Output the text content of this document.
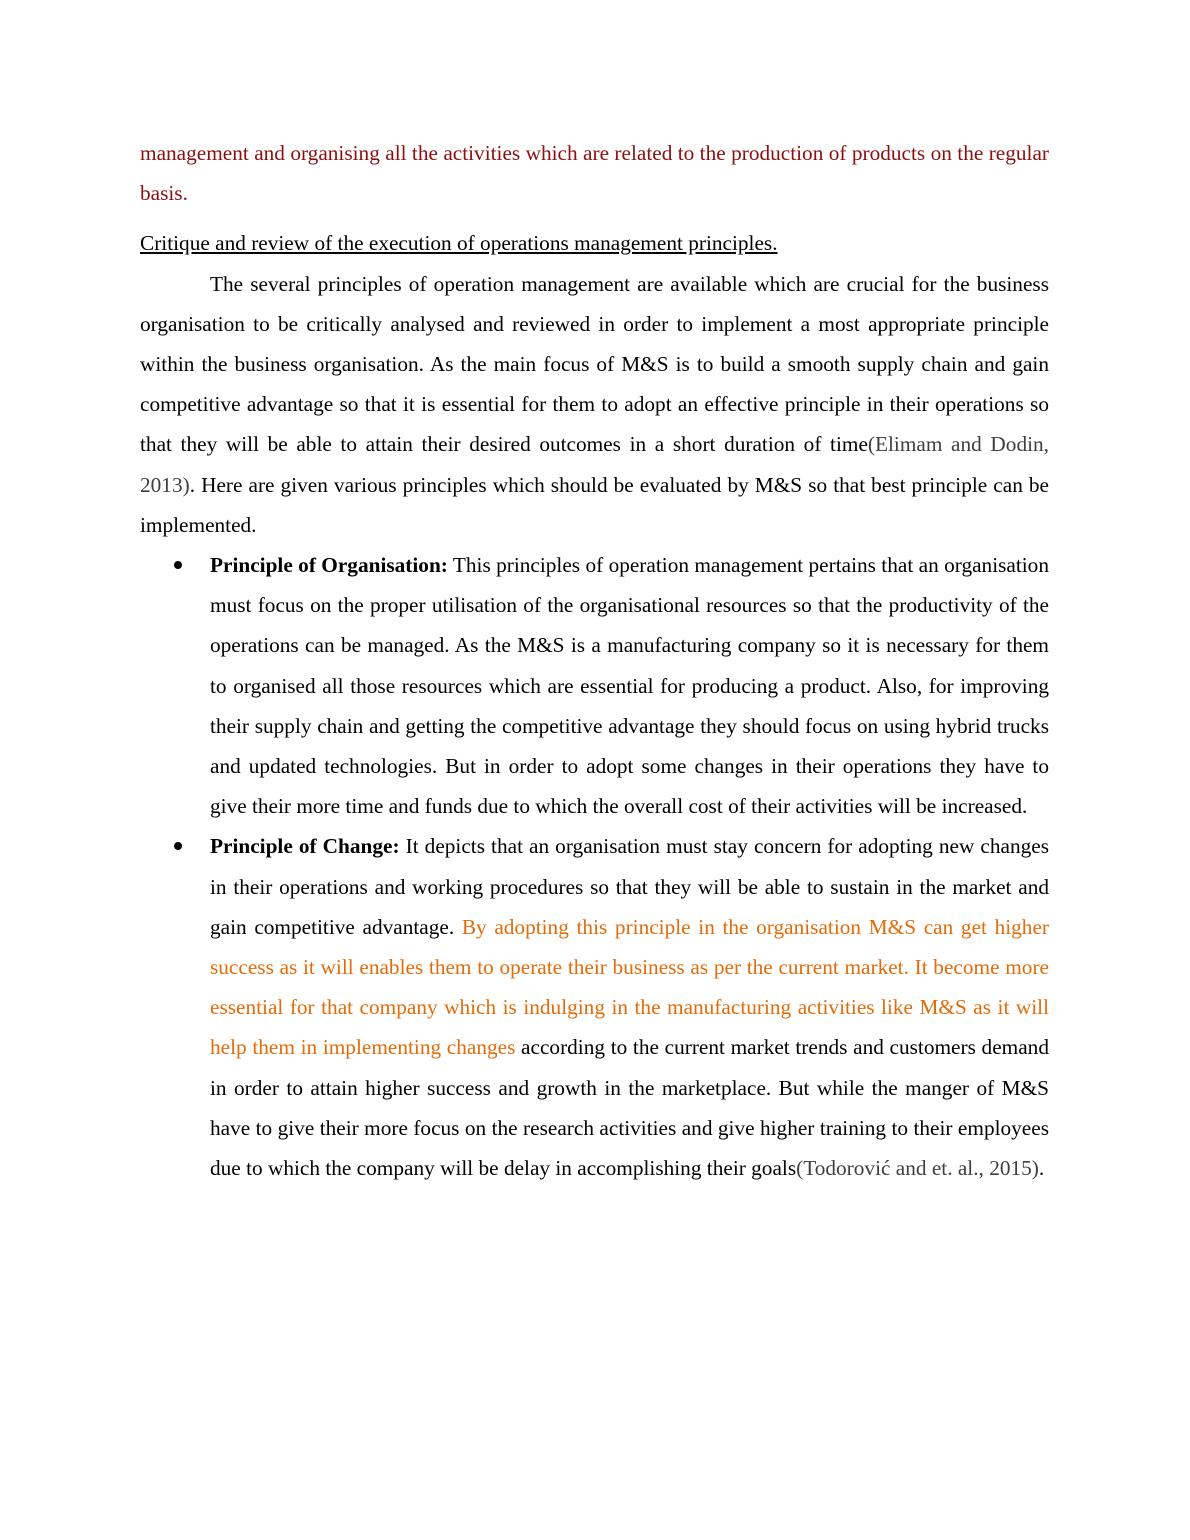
management and organising all the activities which are related to the production of products on the regular basis.

Critique and review of the execution of operations management principles.

The several principles of operation management are available which are crucial for the business organisation to be critically analysed and reviewed in order to implement a most appropriate principle within the business organisation. As the main focus of M&S is to build a smooth supply chain and gain competitive advantage so that it is essential for them to adopt an effective principle in their operations so that they will be able to attain their desired outcomes in a short duration of time(Elimam and Dodin, 2013). Here are given various principles which should be evaluated by M&S so that best principle can be implemented.

Principle of Organisation: This principles of operation management pertains that an organisation must focus on the proper utilisation of the organisational resources so that the productivity of the operations can be managed. As the M&S is a manufacturing company so it is necessary for them to organised all those resources which are essential for producing a product. Also, for improving their supply chain and getting the competitive advantage they should focus on using hybrid trucks and updated technologies. But in order to adopt some changes in their operations they have to give their more time and funds due to which the overall cost of their activities will be increased.
Principle of Change: It depicts that an organisation must stay concern for adopting new changes in their operations and working procedures so that they will be able to sustain in the market and gain competitive advantage. By adopting this principle in the organisation M&S can get higher success as it will enables them to operate their business as per the current market. It become more essential for that company which is indulging in the manufacturing activities like M&S as it will help them in implementing changes according to the current market trends and customers demand in order to attain higher success and growth in the marketplace. But while the manger of M&S have to give their more focus on the research activities and give higher training to their employees due to which the company will be delay in accomplishing their goals(Todorović and et. al., 2015).
